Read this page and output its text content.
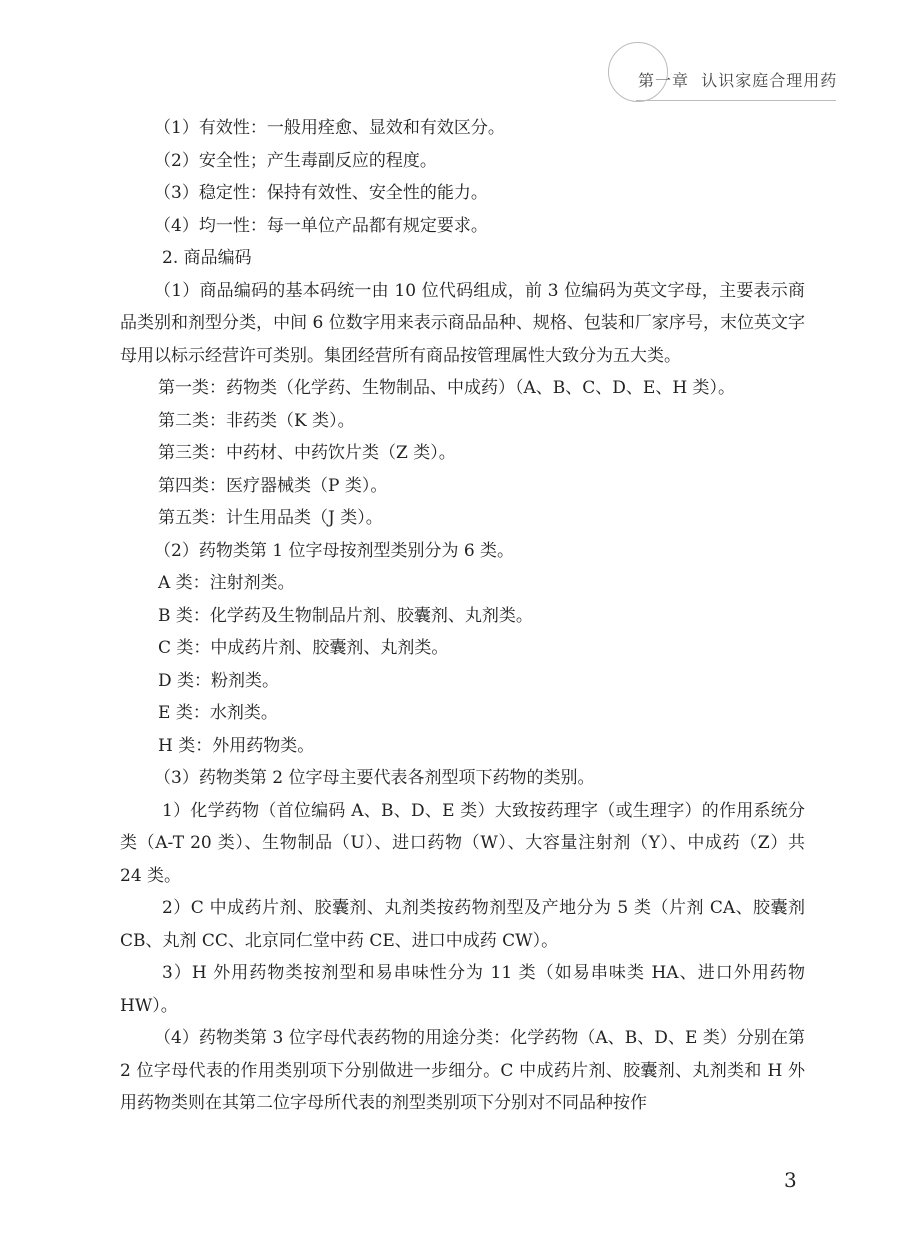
第一章 认识家庭合理用药

（1）有效性：一般用痊愈、显效和有效区分。

（2）安全性；产生毒副反应的程度。

（3）稳定性：保持有效性、安全性的能力。

（4）均一性：每一单位产品都有规定要求。

2. 商品编码

（1）商品编码的基本码统一由 10 位代码组成，前 3 位编码为英文字母，主要表示商品类别和剂型分类，中间 6 位数字用来表示商品品种、规格、包装和厂家序号，末位英文字母用以标示经营许可类别。集团经营所有商品按管理属性大致分为五大类。

第一类：药物类（化学药、生物制品、中成药）（A、B、C、D、E、H 类）。

第二类：非药类（K 类）。

第三类：中药材、中药饮片类（Z 类）。

第四类：医疗器械类（P 类）。

第五类：计生用品类（J 类）。

（2）药物类第 1 位字母按剂型类别分为 6 类。

A 类：注射剂类。

B 类：化学药及生物制品片剂、胶囊剂、丸剂类。

C 类：中成药片剂、胶囊剂、丸剂类。

D 类：粉剂类。

E 类：水剂类。

H 类：外用药物类。

（3）药物类第 2 位字母主要代表各剂型项下药物的类别。

1）化学药物（首位编码 A、B、D、E 类）大致按药理字（或生理字）的作用系统分类（A-T 20 类）、生物制品（U）、进口药物（W）、大容量注射剂（Y）、中成药（Z）共 24 类。

2）C 中成药片剂、胶囊剂、丸剂类按药物剂型及产地分为 5 类（片剂 CA、胶囊剂 CB、丸剂 CC、北京同仁堂中药 CE、进口中成药 CW）。

3）H 外用药物类按剂型和易串味性分为 11 类（如易串味类 HA、进口外用药物 HW）。

（4）药物类第 3 位字母代表药物的用途分类：化学药物（A、B、D、E 类）分别在第 2 位字母代表的作用类别项下分别做进一步细分。C 中成药片剂、胶囊剂、丸剂类和 H 外用药物类则在其第二位字母所代表的剂型类别项下分别对不同品种按作

3
